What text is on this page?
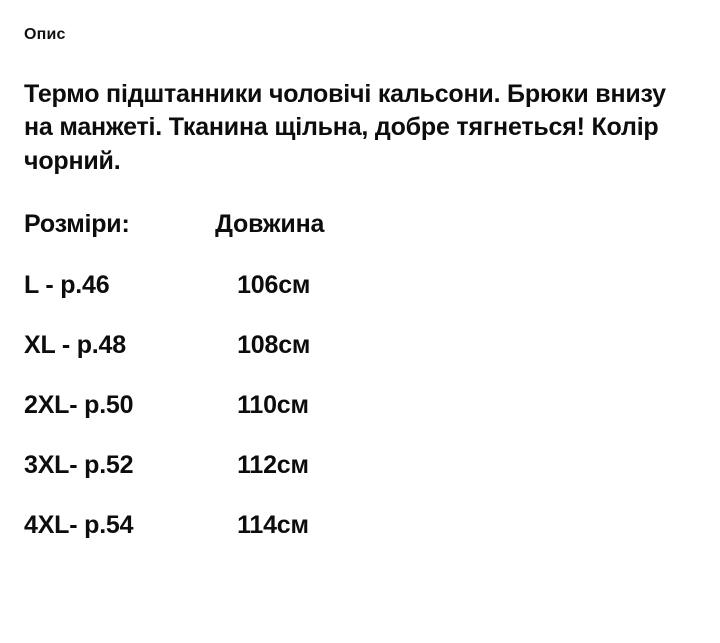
Опис

Термо підштанники чоловічі кальсони. Брюки внизу на манжеті. Тканина щільна, добре тягнеться! Колір чорний.

Розміри:	Довжина
L - р.46	106см
XL - р.48	108см
2XL- р.50	110см
3XL- р.52	112см
4XL- р.54	114см
